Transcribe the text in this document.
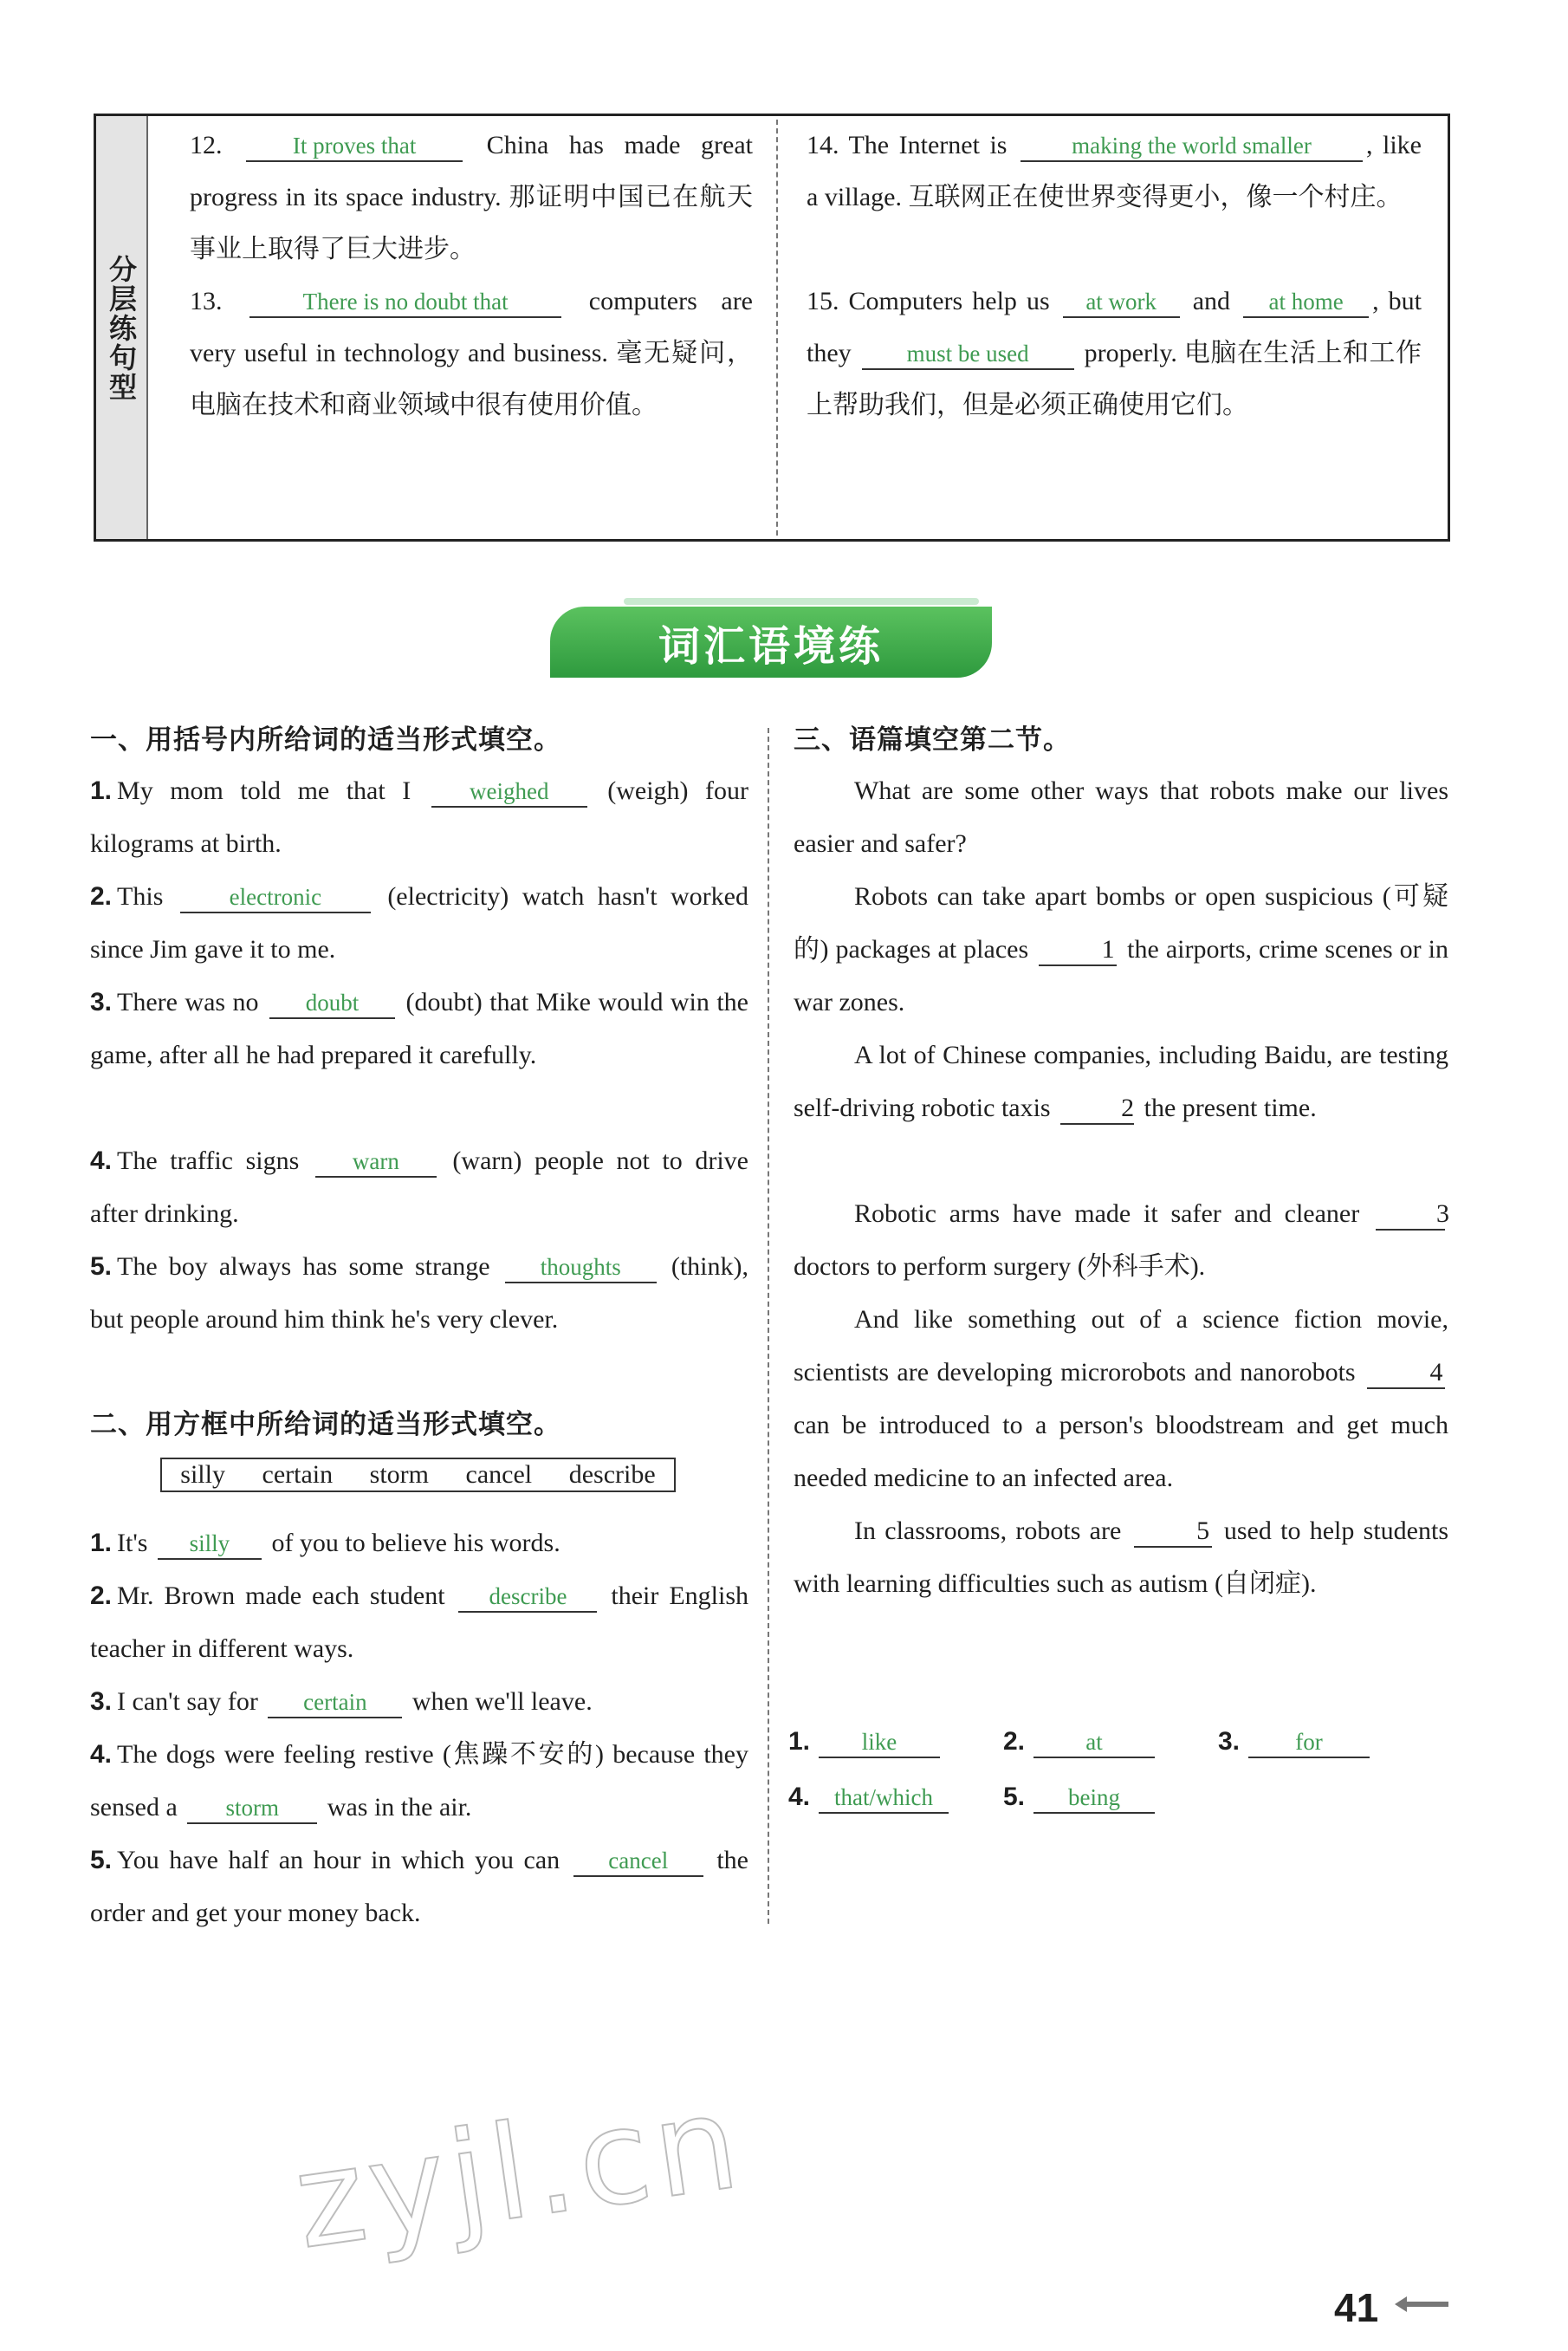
分层练句型
12. It proves that China has made great progress in its space industry. 那证明中国已在航天事业上取得了巨大进步。
13. There is no doubt that computers are very useful in technology and business. 毫无疑问，电脑在技术和商业领域中很有使用价值。
14. The Internet is making the world smaller , like a village. 互联网正在使世界变得更小，像一个村庄。
15. Computers help us at work and at home , but they must be used properly. 电脑在生活上和工作上帮助我们，但是必须正确使用它们。
词汇语境练
一、用括号内所给词的适当形式填空。
1. My mom told me that I weighed (weigh) four kilograms at birth.
2. This electronic (electricity) watch hasn't worked since Jim gave it to me.
3. There was no doubt (doubt) that Mike would win the game, after all he had prepared it carefully.
4. The traffic signs warn (warn) people not to drive after drinking.
5. The boy always has some strange thoughts (think), but people around him think he's very clever.
二、用方框中所给词的适当形式填空。
silly certain storm cancel describe
1. It's silly of you to believe his words.
2. Mr. Brown made each student describe their English teacher in different ways.
3. I can't say for certain when we'll leave.
4. The dogs were feeling restive (焦躁不安的) because they sensed a storm was in the air.
5. You have half an hour in which you can cancel the order and get your money back.
三、语篇填空第二节。
What are some other ways that robots make our lives easier and safer?
Robots can take apart bombs or open suspicious (可疑的) packages at places	1 the airports, crime scenes or in war zones.
A lot of Chinese companies, including Baidu, are testing self-driving robotic taxis 2 the present time.
Robotic arms have made it safer and cleaner 3 doctors to perform surgery (外科手术).
And like something out of a science fiction movie, scientists are developing microrobots and nanorobots	4 can be introduced to a person's bloodstream and get much needed medicine to an infected area.
In classrooms, robots are	5 used to help students with learning difficulties such as autism (自闭症).
1. like	2.	at	3. for
4. that/which	5. being
zyjl.cn
41
